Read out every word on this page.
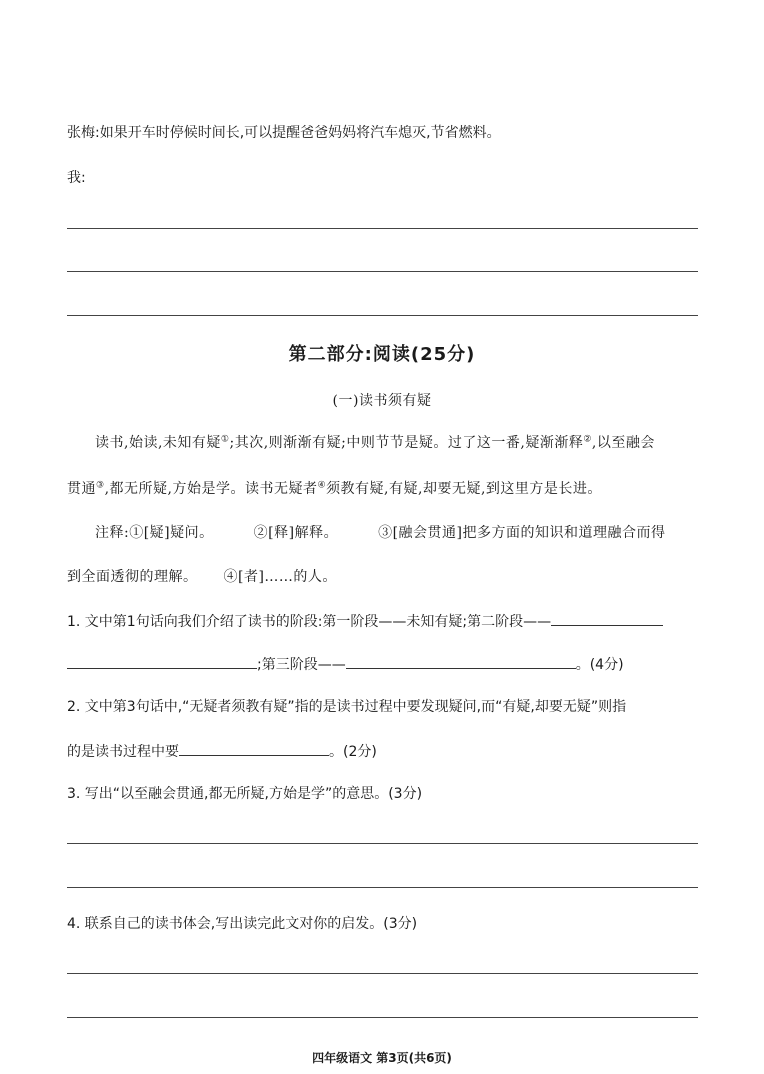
张梅:如果开车时停候时间长,可以提醒爸爸妈妈将汽车熄灭,节省燃料。
我:
第二部分:阅读(25分)
(一)读书须有疑
读书,始读,未知有疑①;其次,则渐渐有疑;中则节节是疑。过了这一番,疑渐渐释②,以至融会
贯通③,都无所疑,方始是学。读书无疑者④须教有疑,有疑,却要无疑,到这里方是长进。
注释:①[疑]疑问。	②[释]解释。	③[融会贯通]把多方面的知识和道理融合而得
到全面透彻的理解。 ④[者]……的人。
1. 文中第1句话向我们介绍了读书的阶段:第一阶段——未知有疑;第二阶段——
;第三阶段——	。(4分)
2. 文中第3句话中,“无疑者须教有疑”指的是读书过程中要发现疑问,而“有疑,却要无疑”则指
的是读书过程中要	。(2分)
3. 写出“以至融会贯通,都无所疑,方始是学”的意思。(3分)
4. 联系自己的读书体会,写出读完此文对你的启发。(3分)
四年级语文 第3页(共6页)
